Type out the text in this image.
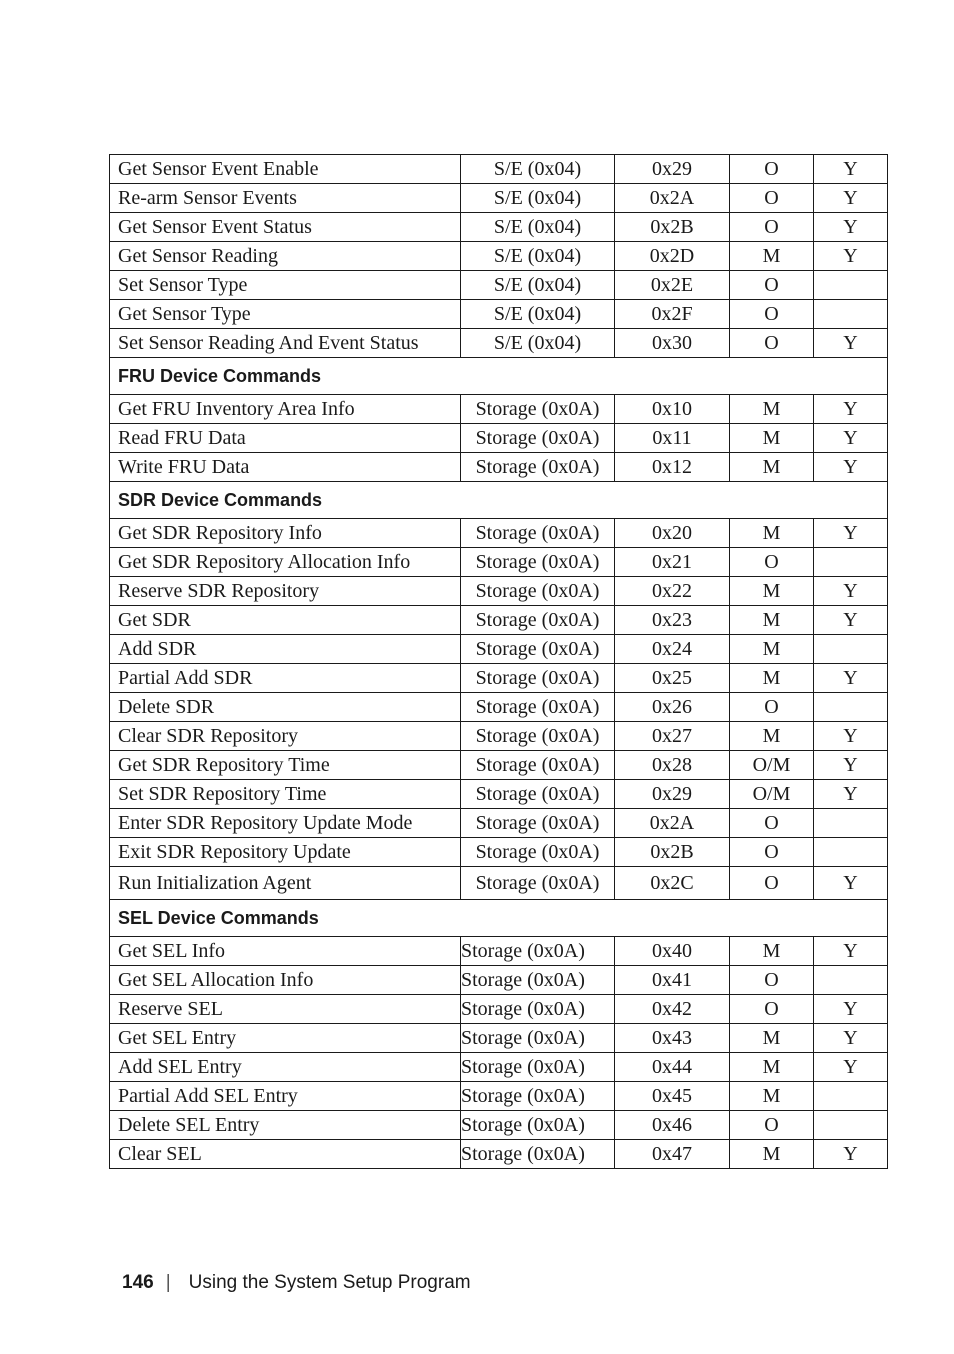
Get Sensor Event Enable	S/E (0x04)	0x29	O	Y
Re-arm Sensor Events	S/E (0x04)	0x2A	O	Y
Get Sensor Event Status	S/E (0x04)	0x2B	O	Y
Get Sensor Reading	S/E (0x04)	0x2D	M	Y
Set Sensor Type	S/E (0x04)	0x2E	O	
Get Sensor Type	S/E (0x04)	0x2F	O	
Set Sensor Reading And Event Status	S/E (0x04)	0x30	O	Y
FRU Device Commands				
Get FRU Inventory Area Info	Storage (0x0A)	0x10	M	Y
Read FRU Data	Storage (0x0A)	0x11	M	Y
Write FRU Data	Storage (0x0A)	0x12	M	Y
SDR Device Commands				
Get SDR Repository Info	Storage (0x0A)	0x20	M	Y
Get SDR Repository Allocation Info	Storage (0x0A)	0x21	O	
Reserve SDR Repository	Storage (0x0A)	0x22	M	Y
Get SDR	Storage (0x0A)	0x23	M	Y
Add SDR	Storage (0x0A)	0x24	M	
Partial Add SDR	Storage (0x0A)	0x25	M	Y
Delete SDR	Storage (0x0A)	0x26	O	
Clear SDR Repository	Storage (0x0A)	0x27	M	Y
Get SDR Repository Time	Storage (0x0A)	0x28	O/M	Y
Set SDR Repository Time	Storage (0x0A)	0x29	O/M	Y
Enter SDR Repository Update Mode	Storage (0x0A)	0x2A	O	
Exit SDR Repository Update	Storage (0x0A)	0x2B	O	
Run Initialization Agent	Storage (0x0A)	0x2C	O	Y
SEL Device Commands				
Get SEL Info	Storage (0x0A)	0x40	M	Y
Get SEL Allocation Info	Storage (0x0A)	0x41	O	
Reserve SEL	Storage (0x0A)	0x42	O	Y
Get SEL Entry	Storage (0x0A)	0x43	M	Y
Add SEL Entry	Storage (0x0A)	0x44	M	Y
Partial Add SEL Entry	Storage (0x0A)	0x45	M	
Delete SEL Entry	Storage (0x0A)	0x46	O	
Clear SEL	Storage (0x0A)	0x47	M	Y
146 | Using the System Setup Program
